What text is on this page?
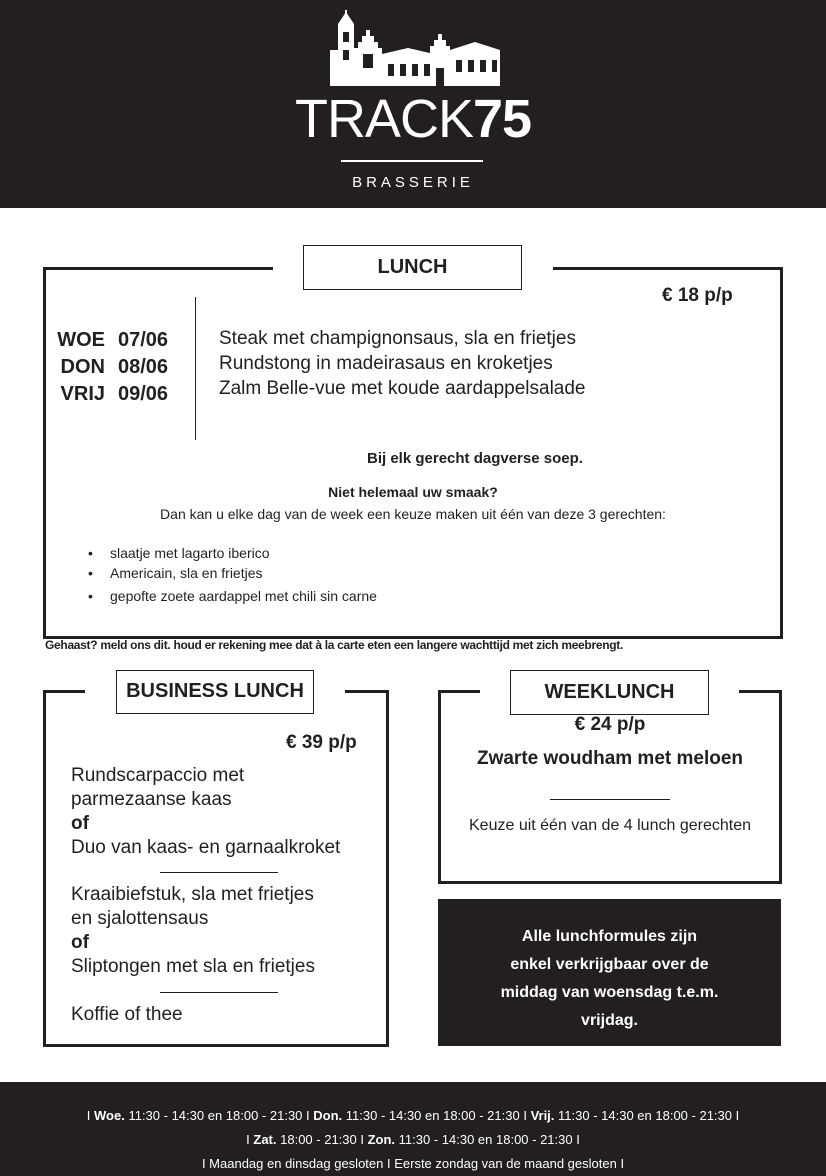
TRACK75
BRASSERIE
LUNCH
€ 18 p/p
WOE 07/06
DON 08/06
VRIJ 09/06
Steak met champignonsaus, sla en frietjes
Rundstong in madeirasaus en kroketjes
Zalm Belle-vue met koude aardappelsalade
Bij elk gerecht dagverse soep.
Niet helemaal uw smaak?
Dan kan u elke dag van de week een keuze maken uit één van deze 3 gerechten:
• slaatje met lagarto iberico
• Americain, sla en frietjes
• gepofte zoete aardappel met chili sin carne
Gehaast? meld ons dit. houd er rekening mee dat à la carte eten een langere wachttijd met zich meebrengt.
BUSINESS LUNCH
€ 39 p/p
Rundscarpaccio met
parmezaanse kaas
of
Duo van kaas- en garnaalkroket
Kraaibiefstuk, sla met frietjes
en sjalottensaus
of
Sliptongen met sla en frietjes
Koffie of thee
WEEKLUNCH
€ 24 p/p
Zwarte woudham met meloen
Keuze uit één van de 4 lunch gerechten
Alle lunchformules zijn
enkel verkrijgbaar over de
middag van woensdag t.e.m.
vrijdag.
I Woe. 11:30 - 14:30 en 18:00 - 21:30 I Don. 11:30 - 14:30 en 18:00 - 21:30 I Vrij. 11:30 - 14:30 en 18:00 - 21:30 I
I Zat. 18:00 - 21:30 I Zon. 11:30 - 14:30 en 18:00 - 21:30 I
I Maandag en dinsdag gesloten I Eerste zondag van de maand gesloten I
